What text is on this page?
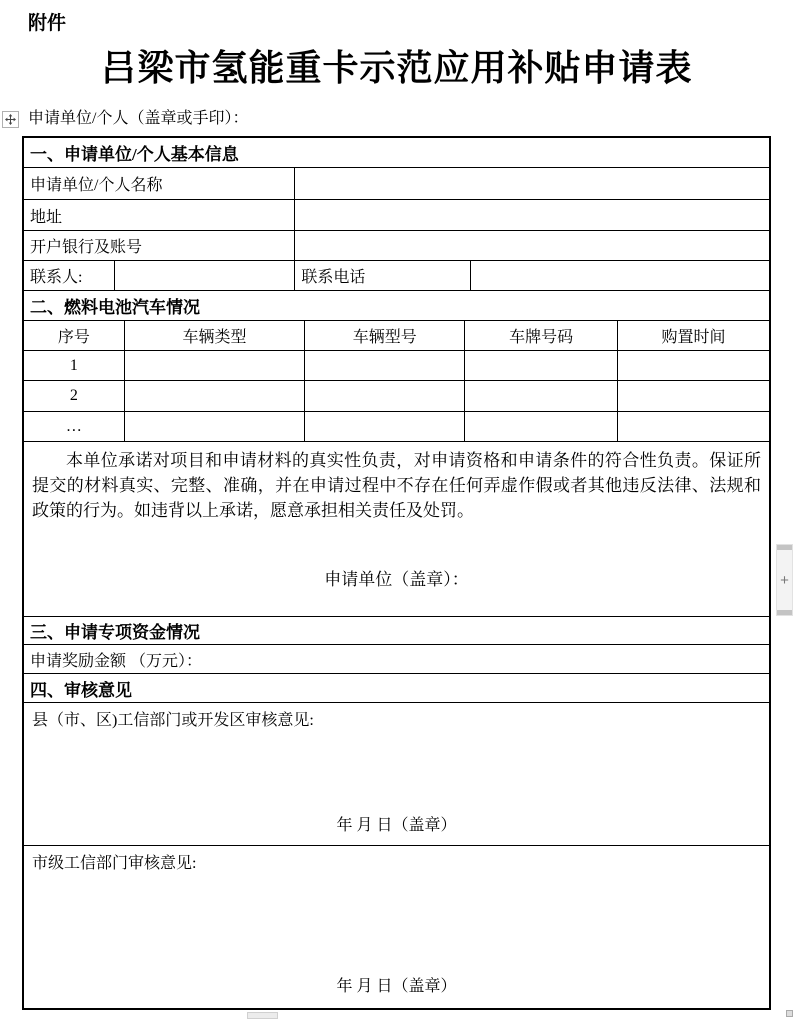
附件
吕梁市氢能重卡示范应用补贴申请表
申请单位/个人（盖章或手印）：
一、申请单位/个人基本信息
申请单位/个人名称
地址
开户银行及账号
联系人:	联系电话
二、燃料电池汽车情况
序号	车辆类型	车辆型号	车牌号码	购置时间
1
2
…

本单位承诺对项目和申请材料的真实性负责，对申请资格和申请条件的符合性负责。保证所提交的材料真实、完整、准确，并在申请过程中不存在任何弄虚作假或者其他违反法律、法规和政策的行为。如违背以上承诺，愿意承担相关责任及处罚。

申请单位（盖章）：
三、申请专项资金情况
申请奖励金额 （万元）：
四、审核意见
县（市、区)工信部门或开发区审核意见:
年 月 日（盖章）
市级工信部门审核意见:
年 月 日（盖章）
+
